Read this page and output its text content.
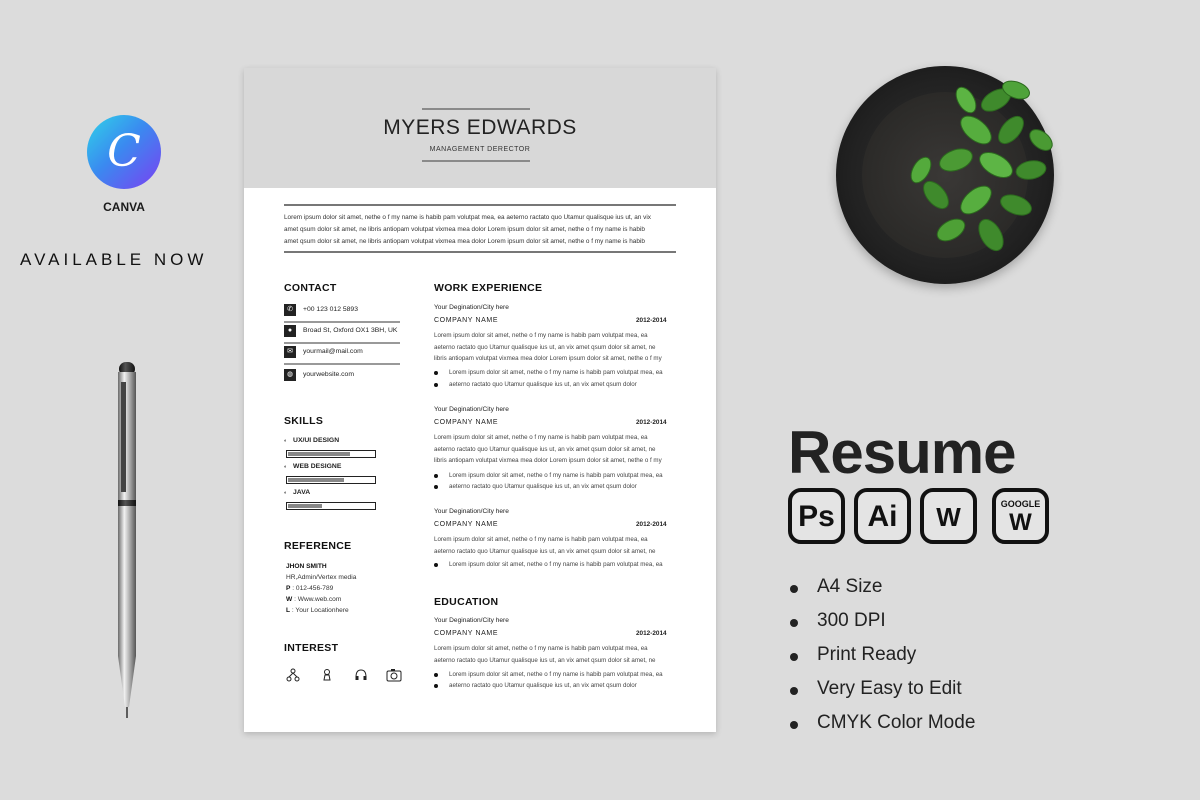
C
CANVA
AVAILABLE NOW
MYERS EDWARDS
MANAGEMENT DERECTOR
Lorem ipsum dolor sit amet, nethe o f my name is habib pam volutpat mea, ea aeterno ractato quo Utamur qualisque ius ut, an vix
amet qsum dolor sit amet, ne libris antiopam volutpat vixmea mea dolor Lorem ipsum dolor sit amet, nethe o f my name is habib
amet qsum dolor sit amet, ne libris antiopam volutpat vixmea mea dolor Lorem ipsum dolor sit amet, nethe o f my name is habib
CONTACT
✆	+00 123 012 5893
●	Broad St, Oxford OX1 3BH, UK
✉	yourmail@mail.com
◍	yourwebsite.com
SKILLS
◐ UX/UI DESIGN
◐ WEB DESIGNE
◐ JAVA
REFERENCE
JHON SMITH
HR,Admin/Vertex media
P : 012-456-789
W : Www.web.com
L : Your Locationhere
INTEREST
WORK EXPERIENCE
Your Degination/City here
COMPANY NAME	2012-2014
Lorem ipsum dolor sit amet, nethe o f my name is habib pam volutpat mea, ea
aeterno ractato quo Utamur qualisque ius ut, an vix amet qsum dolor sit amet, ne
libris antiopam volutpat vixmea mea dolor Lorem ipsum dolor sit amet, nethe o f my
Lorem ipsum dolor sit amet, nethe o f my name is habib pam volutpat mea, ea
aeterno ractato quo Utamur qualisque ius ut, an vix amet qsum dolor
Your Degination/City here
COMPANY NAME	2012-2014
Lorem ipsum dolor sit amet, nethe o f my name is habib pam volutpat mea, ea
aeterno ractato quo Utamur qualisque ius ut, an vix amet qsum dolor sit amet, ne
libris antiopam volutpat vixmea mea dolor Lorem ipsum dolor sit amet, nethe o f my
Lorem ipsum dolor sit amet, nethe o f my name is habib pam volutpat mea, ea
aeterno ractato quo Utamur qualisque ius ut, an vix amet qsum dolor
Your Degination/City here
COMPANY NAME	2012-2014
Lorem ipsum dolor sit amet, nethe o f my name is habib pam volutpat mea, ea
aeterno ractato quo Utamur qualisque ius ut, an vix amet qsum dolor sit amet, ne
Lorem ipsum dolor sit amet, nethe o f my name is habib pam volutpat mea, ea
EDUCATION
Your Degination/City here
COMPANY NAME	2012-2014
Lorem ipsum dolor sit amet, nethe o f my name is habib pam volutpat mea, ea
aeterno ractato quo Utamur qualisque ius ut, an vix amet qsum dolor sit amet, ne
Lorem ipsum dolor sit amet, nethe o f my name is habib pam volutpat mea, ea
aeterno ractato quo Utamur qualisque ius ut, an vix amet qsum dolor
Resume
Ps	Ai	W	GOOGLE
W
A4 Size
300 DPI
Print Ready
Very Easy to Edit
CMYK Color Mode
